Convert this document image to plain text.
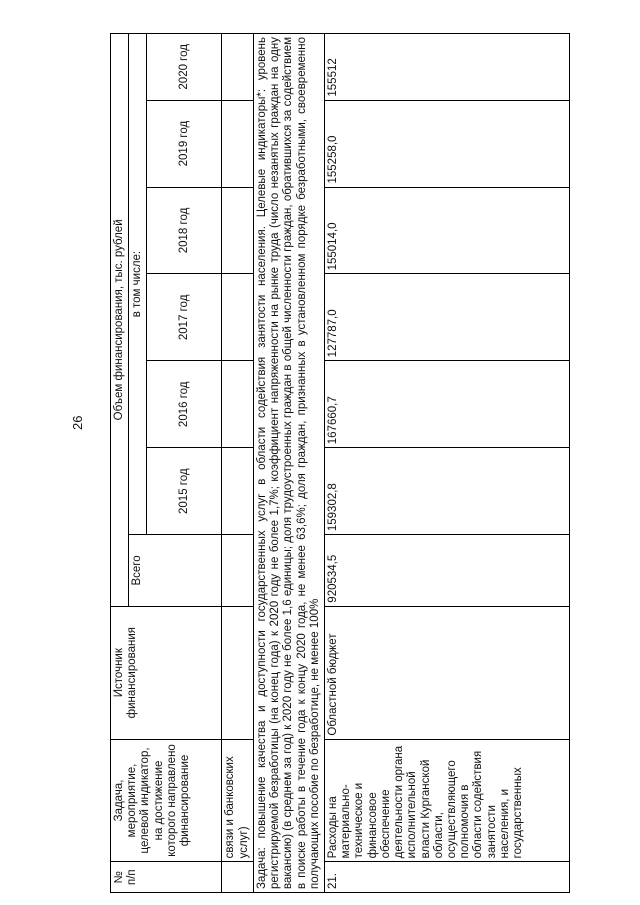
26
№ п/п	Задача, мероприятие, целевой индикатор, на достижение которого направлено финансирование	Источник финансирования	Объем финансирования, тыс. рублей						
			Всего	в том числе:					
				2015 год	2016 год	2017 год	2018 год	2019 год	2020 год
	связи и банковских услуг)								
Задача: повышение качества и доступности государственных услуг в области содействия занятости населения. Целевые индикаторы*: уровень регистрируемой безработицы (на конец года) к 2020 году не более 1,7%; коэффициент напряженности на рынке труда (число незанятых граждан на одну вакансию) (в среднем за год) к 2020 году не более 1,6 единицы; доля трудоустроенных граждан в общей численности граждан, обратившихся за содействием в поиске работы в течение года к концу 2020 года, не менее 63,6%; доля граждан, признанных в установленном порядке безработными, своевременно получающих пособие по безработице, не менее 100%									
21.	Расходы на материально-техническое и финансовое обеспечение деятельности органа исполнительной власти Курганской области, осуществляющего полномочия в области содействия занятости населения, и государственных	Областной бюджет	920534,5	159302,8	167660,7	127787,0	155014,0	155258,0	155512
